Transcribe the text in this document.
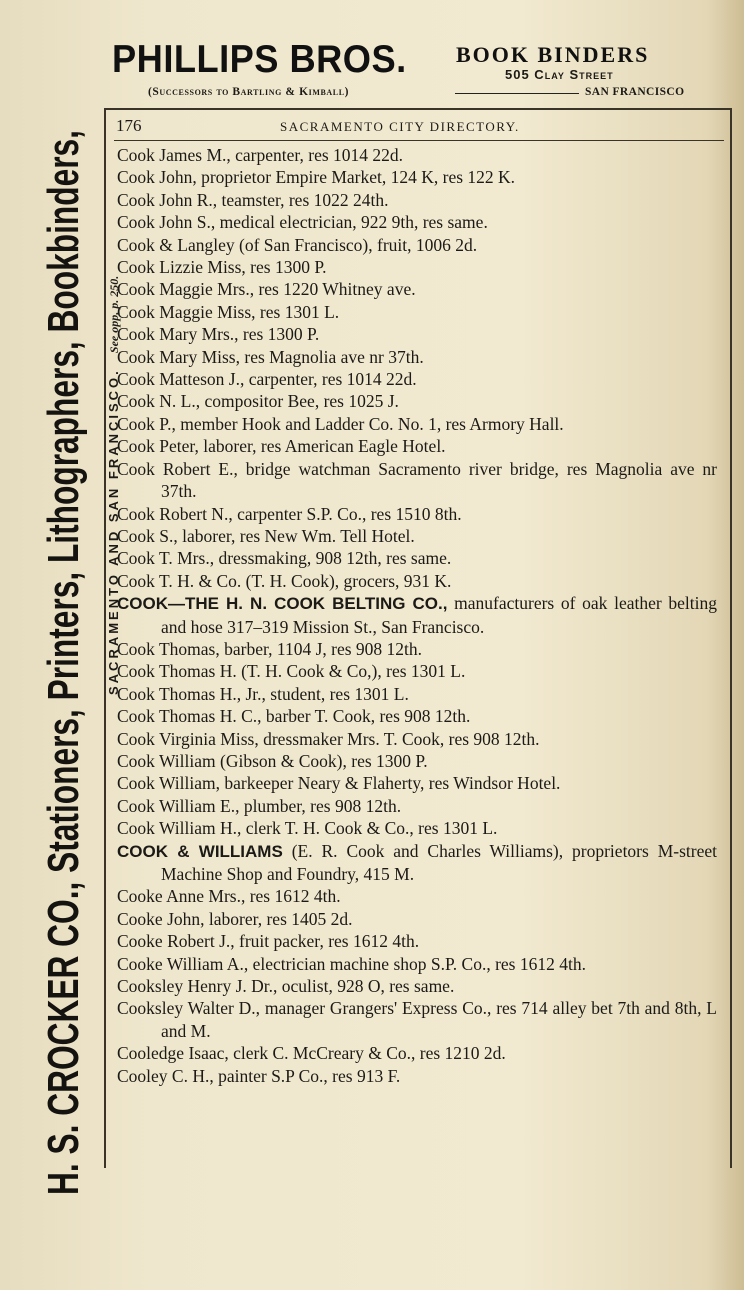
PHILLIPS BROS. BOOK BINDERS
505 Clay Street
(Successors to Bartling & Kimball)	SAN FRANCISCO
H. S. CROCKER CO., Stationers, Printers, Lithographers, Bookbinders, SACRAMENTO AND SAN FRANCISCO. See opp. p. 250.
176	SACRAMENTO CITY DIRECTORY.

Cook James M., carpenter, res 1014 22d.

Cook John, proprietor Empire Market, 124 K, res 122 K.

Cook John R., teamster, res 1022 24th.

Cook John S., medical electrician, 922 9th, res same.

Cook & Langley (of San Francisco), fruit, 1006 2d.

Cook Lizzie Miss, res 1300 P.

Cook Maggie Mrs., res 1220 Whitney ave.

Cook Maggie Miss, res 1301 L.

Cook Mary Mrs., res 1300 P.

Cook Mary Miss, res Magnolia ave nr 37th.

Cook Matteson J., carpenter, res 1014 22d.

Cook N. L., compositor Bee, res 1025 J.

Cook P., member Hook and Ladder Co. No. 1, res Armory Hall.

Cook Peter, laborer, res American Eagle Hotel.

Cook Robert E., bridge watchman Sacramento river bridge, res Magnolia ave nr 37th.

Cook Robert N., carpenter S.P. Co., res 1510 8th.

Cook S., laborer, res New Wm. Tell Hotel.

Cook T. Mrs., dressmaking, 908 12th, res same.

Cook T. H. & Co. (T. H. Cook), grocers, 931 K.

COOK—THE H. N. COOK BELTING CO., manufacturers of oak leather belting and hose 317–319 Mission St., San Francisco.

Cook Thomas, barber, 1104 J, res 908 12th.

Cook Thomas H. (T. H. Cook & Co,), res 1301 L.

Cook Thomas H., Jr., student, res 1301 L.

Cook Thomas H. C., barber T. Cook, res 908 12th.

Cook Virginia Miss, dressmaker Mrs. T. Cook, res 908 12th.

Cook William (Gibson & Cook), res 1300 P.

Cook William, barkeeper Neary & Flaherty, res Windsor Hotel.

Cook William E., plumber, res 908 12th.

Cook William H., clerk T. H. Cook & Co., res 1301 L.

COOK & WILLIAMS (E. R. Cook and Charles Williams), proprietors M-street Machine Shop and Foundry, 415 M.

Cooke Anne Mrs., res 1612 4th.

Cooke John, laborer, res 1405 2d.

Cooke Robert J., fruit packer, res 1612 4th.

Cooke William A., electrician machine shop S.P. Co., res 1612 4th.

Cooksley Henry J. Dr., oculist, 928 O, res same.

Cooksley Walter D., manager Grangers' Express Co., res 714 alley bet 7th and 8th, L and M.

Cooledge Isaac, clerk C. McCreary & Co., res 1210 2d.

Cooley C. H., painter S.P Co., res 913 F.
